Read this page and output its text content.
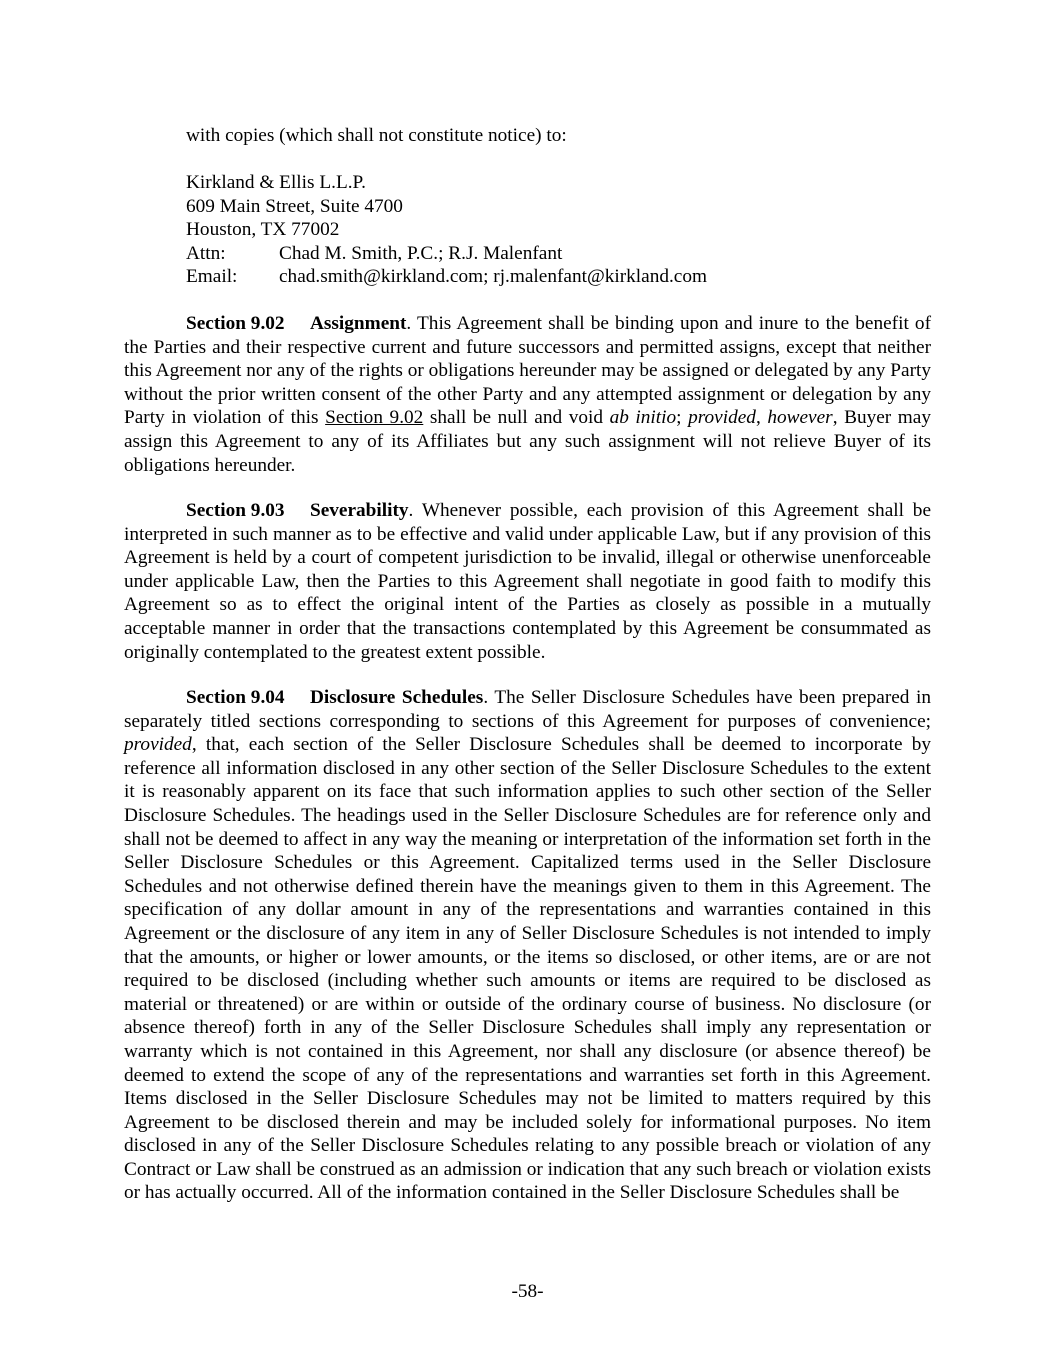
with copies (which shall not constitute notice) to:

Kirkland & Ellis L.L.P.
609 Main Street, Suite 4700
Houston, TX 77002
Attn:	Chad M. Smith, P.C.; R.J. Malenfant
Email: chad.smith@kirkland.com; rj.malenfant@kirkland.com

Section 9.02 Assignment. This Agreement shall be binding upon and inure to the benefit of the Parties and their respective current and future successors and permitted assigns, except that neither this Agreement nor any of the rights or obligations hereunder may be assigned or delegated by any Party without the prior written consent of the other Party and any attempted assignment or delegation by any Party in violation of this Section 9.02 shall be null and void ab initio; provided, however, Buyer may assign this Agreement to any of its Affiliates but any such assignment will not relieve Buyer of its obligations hereunder.

Section 9.03 Severability. Whenever possible, each provision of this Agreement shall be interpreted in such manner as to be effective and valid under applicable Law, but if any provision of this Agreement is held by a court of competent jurisdiction to be invalid, illegal or otherwise unenforceable under applicable Law, then the Parties to this Agreement shall negotiate in good faith to modify this Agreement so as to effect the original intent of the Parties as closely as possible in a mutually acceptable manner in order that the transactions contemplated by this Agreement be consummated as originally contemplated to the greatest extent possible.

Section 9.04 Disclosure Schedules. The Seller Disclosure Schedules have been prepared in separately titled sections corresponding to sections of this Agreement for purposes of convenience; provided, that, each section of the Seller Disclosure Schedules shall be deemed to incorporate by reference all information disclosed in any other section of the Seller Disclosure Schedules to the extent it is reasonably apparent on its face that such information applies to such other section of the Seller Disclosure Schedules. The headings used in the Seller Disclosure Schedules are for reference only and shall not be deemed to affect in any way the meaning or interpretation of the information set forth in the Seller Disclosure Schedules or this Agreement. Capitalized terms used in the Seller Disclosure Schedules and not otherwise defined therein have the meanings given to them in this Agreement. The specification of any dollar amount in any of the representations and warranties contained in this Agreement or the disclosure of any item in any of Seller Disclosure Schedules is not intended to imply that the amounts, or higher or lower amounts, or the items so disclosed, or other items, are or are not required to be disclosed (including whether such amounts or items are required to be disclosed as material or threatened) or are within or outside of the ordinary course of business. No disclosure (or absence thereof) forth in any of the Seller Disclosure Schedules shall imply any representation or warranty which is not contained in this Agreement, nor shall any disclosure (or absence thereof) be deemed to extend the scope of any of the representations and warranties set forth in this Agreement. Items disclosed in the Seller Disclosure Schedules may not be limited to matters required by this Agreement to be disclosed therein and may be included solely for informational purposes. No item disclosed in any of the Seller Disclosure Schedules relating to any possible breach or violation of any Contract or Law shall be construed as an admission or indication that any such breach or violation exists or has actually occurred. All of the information contained in the Seller Disclosure Schedules shall be

-58-
